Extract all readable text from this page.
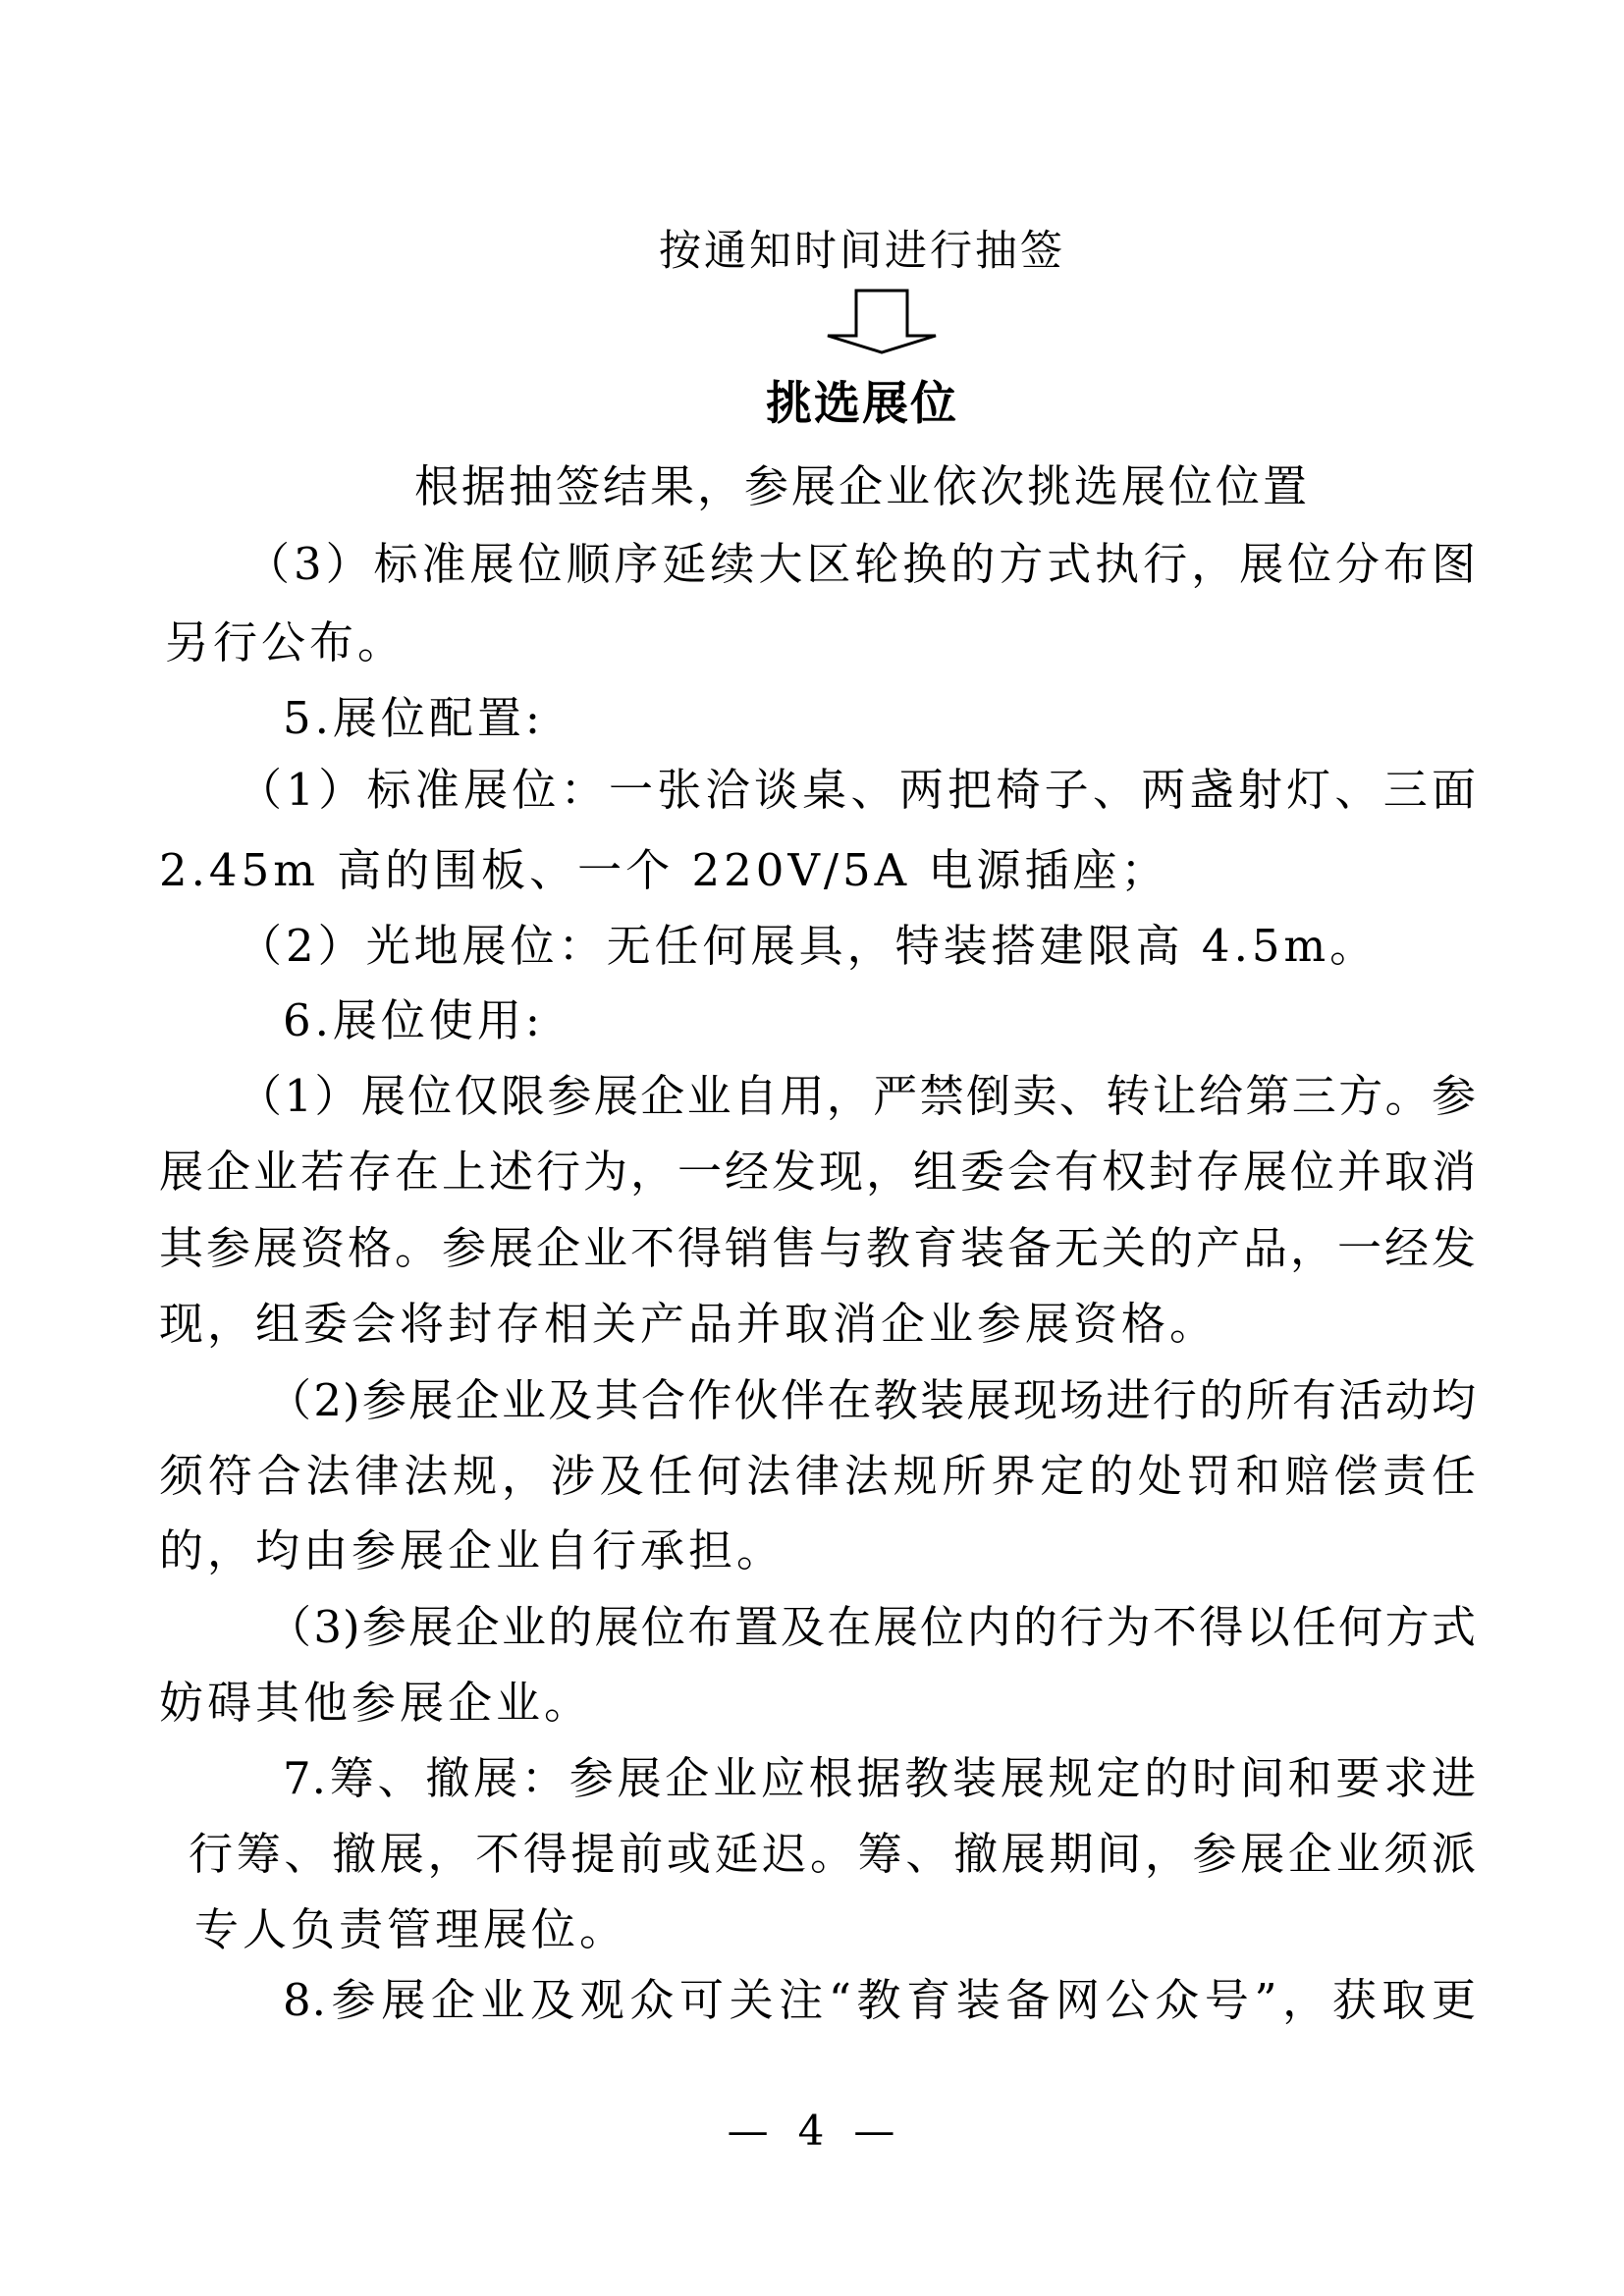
按通知时间进行抽签
挑选展位
根据抽签结果，参展企业依次挑选展位位置
（3）标准展位顺序延续大区轮换的方式执行，展位分布图
另行公布。
5.展位配置:
（1）标准展位：一张洽谈桌、两把椅子、两盏射灯、三面
2.45m 高的围板、一个 220V/5A 电源插座；
（2）光地展位：无任何展具，特装搭建限高 4.5m。
6.展位使用:
（1）展位仅限参展企业自用，严禁倒卖、转让给第三方。参
展企业若存在上述行为，一经发现，组委会有权封存展位并取消
其参展资格。参展企业不得销售与教育装备无关的产品，一经发
现，组委会将封存相关产品并取消企业参展资格。
（2)参展企业及其合作伙伴在教装展现场进行的所有活动均
须符合法律法规，涉及任何法律法规所界定的处罚和赔偿责任
的，均由参展企业自行承担。
（3)参展企业的展位布置及在展位内的行为不得以任何方式
妨碍其他参展企业。
7.筹、撤展：参展企业应根据教装展规定的时间和要求进
行筹、撤展，不得提前或延迟。筹、撤展期间，参展企业须派
专人负责管理展位。
8.参展企业及观众可关注“教育装备网公众号”，获取更
— 4 —
